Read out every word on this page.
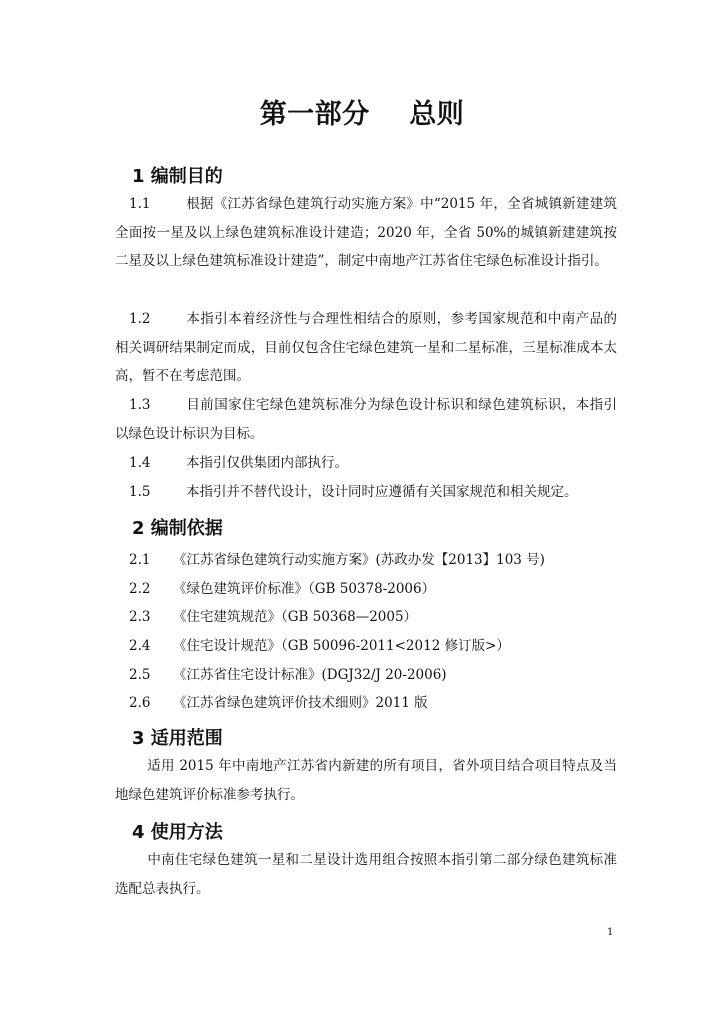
第一部分    总则
1 编制目的

1.1	根据《江苏省绿色建筑行动实施方案》中“2015 年，全省城镇新建建筑全面按一星及以上绿色建筑标准设计建造；2020 年，全省 50%的城镇新建建筑按二星及以上绿色建筑标准设计建造”，制定中南地产江苏省住宅绿色标准设计指引。

1.2	本指引本着经济性与合理性相结合的原则，参考国家规范和中南产品的相关调研结果制定而成，目前仅包含住宅绿色建筑一星和二星标准，三星标准成本太高，暂不在考虑范围。

1.3	目前国家住宅绿色建筑标准分为绿色设计标识和绿色建筑标识，本指引以绿色设计标识为目标。

1.4	本指引仅供集团内部执行。

1.5	本指引并不替代设计，设计同时应遵循有关国家规范和相关规定。

2 编制依据
2.1 《江苏省绿色建筑行动实施方案》(苏政办发【2013】103 号)
2.2 《绿色建筑评价标准》（GB 50378-2006）
2.3 《住宅建筑规范》（GB 50368—2005）
2.4 《住宅设计规范》（GB 50096-2011<2012 修订版>）
2.5 《江苏省住宅设计标准》(DGJ32/J 20-2006)
2.6 《江苏省绿色建筑评价技术细则》2011 版
3 适用范围

适用 2015 年中南地产江苏省内新建的所有项目，省外项目结合项目特点及当地绿色建筑评价标准参考执行。

4 使用方法

中南住宅绿色建筑一星和二星设计选用组合按照本指引第二部分绿色建筑标准选配总表执行。

1
